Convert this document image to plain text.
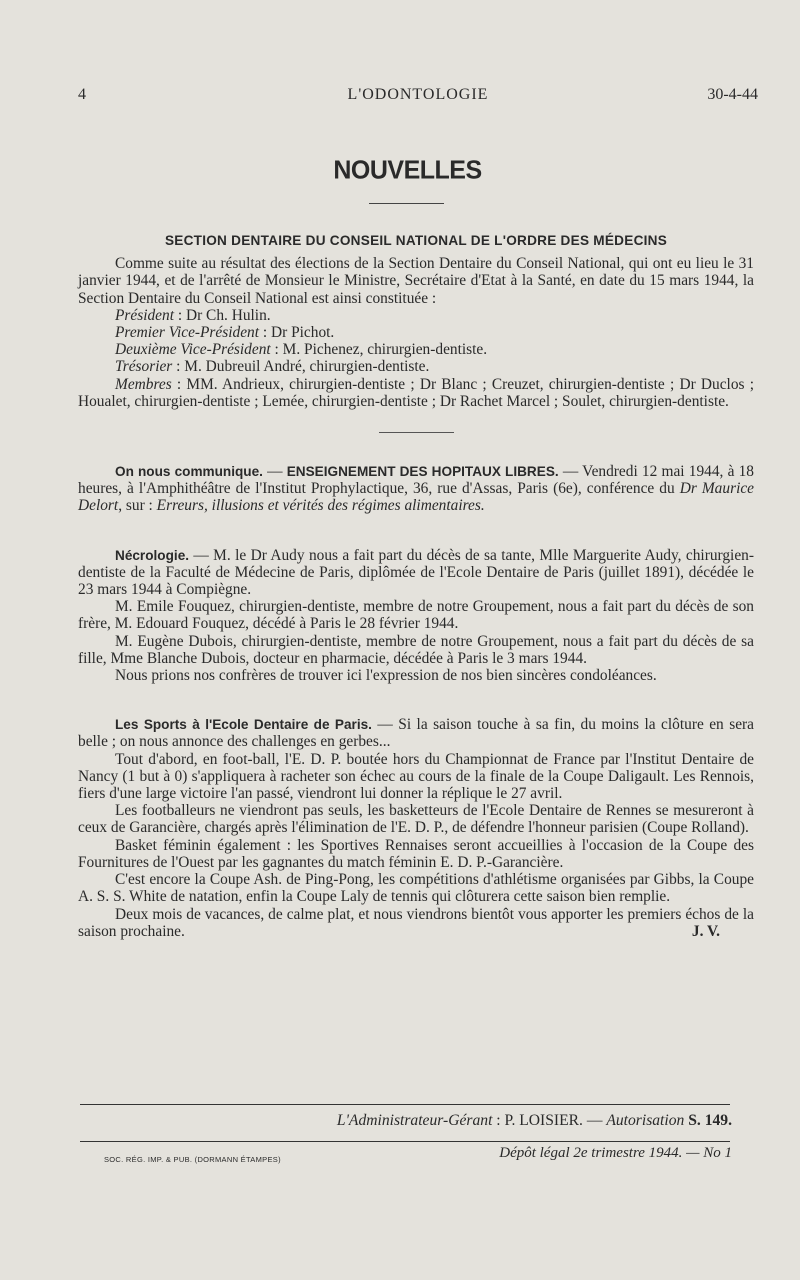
4	L'ODONTOLOGIE	30-4-44
NOUVELLES
SECTION DENTAIRE DU CONSEIL NATIONAL DE L'ORDRE DES MÉDECINS

Comme suite au résultat des élections de la Section Dentaire du Conseil National, qui ont eu lieu le 31 janvier 1944, et de l'arrêté de Monsieur le Ministre, Secrétaire d'Etat à la Santé, en date du 15 mars 1944, la Section Dentaire du Conseil National est ainsi constituée :

Président : Dr Ch. Hulin.
Premier Vice-Président : Dr Pichot.
Deuxième Vice-Président : M. Pichenez, chirurgien-dentiste.
Trésorier : M. Dubreuil André, chirurgien-dentiste.

Membres : MM. Andrieux, chirurgien-dentiste ; Dr Blanc ; Creuzet, chirurgien-dentiste ; Dr Duclos ; Houalet, chirurgien-dentiste ; Lemée, chirurgien-dentiste ; Dr Rachet Marcel ; Soulet, chirurgien-dentiste.

On nous communique. — ENSEIGNEMENT DES HOPITAUX LIBRES. — Vendredi 12 mai 1944, à 18 heures, à l'Amphithéâtre de l'Institut Prophylactique, 36, rue d'Assas, Paris (6e), conférence du Dr Maurice Delort, sur : Erreurs, illusions et vérités des régimes alimentaires.

Nécrologie. — M. le Dr Audy nous a fait part du décès de sa tante, Mlle Marguerite Audy, chirurgien-dentiste de la Faculté de Médecine de Paris, diplômée de l'Ecole Dentaire de Paris (juillet 1891), décédée le 23 mars 1944 à Compiègne.

M. Emile Fouquez, chirurgien-dentiste, membre de notre Groupement, nous a fait part du décès de son frère, M. Edouard Fouquez, décédé à Paris le 28 février 1944.

M. Eugène Dubois, chirurgien-dentiste, membre de notre Groupement, nous a fait part du décès de sa fille, Mme Blanche Dubois, docteur en pharmacie, décédée à Paris le 3 mars 1944.

Nous prions nos confrères de trouver ici l'expression de nos bien sincères condoléances.

Les Sports à l'Ecole Dentaire de Paris. — Si la saison touche à sa fin, du moins la clôture en sera belle ; on nous annonce des challenges en gerbes...

Tout d'abord, en foot-ball, l'E. D. P. boutée hors du Championnat de France par l'Institut Dentaire de Nancy (1 but à 0) s'appliquera à racheter son échec au cours de la finale de la Coupe Daligault. Les Rennois, fiers d'une large victoire l'an passé, viendront lui donner la réplique le 27 avril.

Les footballeurs ne viendront pas seuls, les basketteurs de l'Ecole Dentaire de Rennes se mesureront à ceux de Garancière, chargés après l'élimination de l'E. D. P., de défendre l'honneur parisien (Coupe Rolland).

Basket féminin également : les Sportives Rennaises seront accueillies à l'occasion de la Coupe des Fournitures de l'Ouest par les gagnantes du match féminin E. D. P.-Garancière.

C'est encore la Coupe Ash. de Ping-Pong, les compétitions d'athlétisme organisées par Gibbs, la Coupe A. S. S. White de natation, enfin la Coupe Laly de tennis qui clôturera cette saison bien remplie.

Deux mois de vacances, de calme plat, et nous viendrons bientôt vous apporter les premiers échos de la saison prochaine.	J. V.

L'Administrateur-Gérant : P. LOISIER. — Autorisation S. 149.
SOC. RÉG. IMP. & PUB. (DORMANN ÉTAMPES)	Dépôt légal 2e trimestre 1944. — No 1
